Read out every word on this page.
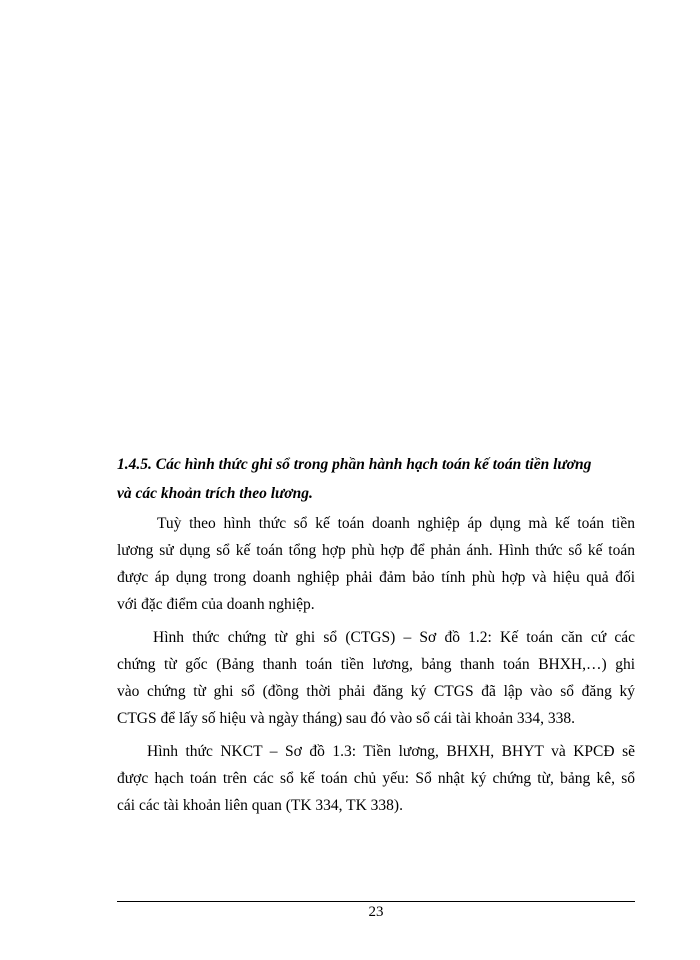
1.4.5. Các hình thức ghi sổ trong phần hành hạch toán kế toán tiền lương
và các khoản trích theo lương.

Tuỳ theo hình thức sổ kế toán doanh nghiệp áp dụng mà kế toán tiền
lương sử dụng sổ kế toán tổng hợp phù hợp để phản ánh. Hình thức sổ kế toán
được áp dụng trong doanh nghiệp phải đảm bảo tính phù hợp và hiệu quả đối
với đặc điểm của doanh nghiệp.

Hình thức chứng từ ghi sổ (CTGS) – Sơ đồ 1.2: Kế toán căn cứ các
chứng từ gốc (Bảng thanh toán tiền lương, bảng thanh toán BHXH,…) ghi
vào chứng từ ghi sổ (đồng thời phải đăng ký CTGS đã lập vào sổ đăng ký
CTGS để lấy số hiệu và ngày tháng) sau đó vào sổ cái tài khoản 334, 338.

Hình thức NKCT – Sơ đồ 1.3: Tiền lương, BHXH, BHYT và KPCĐ sẽ
được hạch toán trên các sổ kế toán chủ yếu: Sổ nhật ký chứng từ, bảng kê, sổ
cái các tài khoản liên quan (TK 334, TK 338).

23
